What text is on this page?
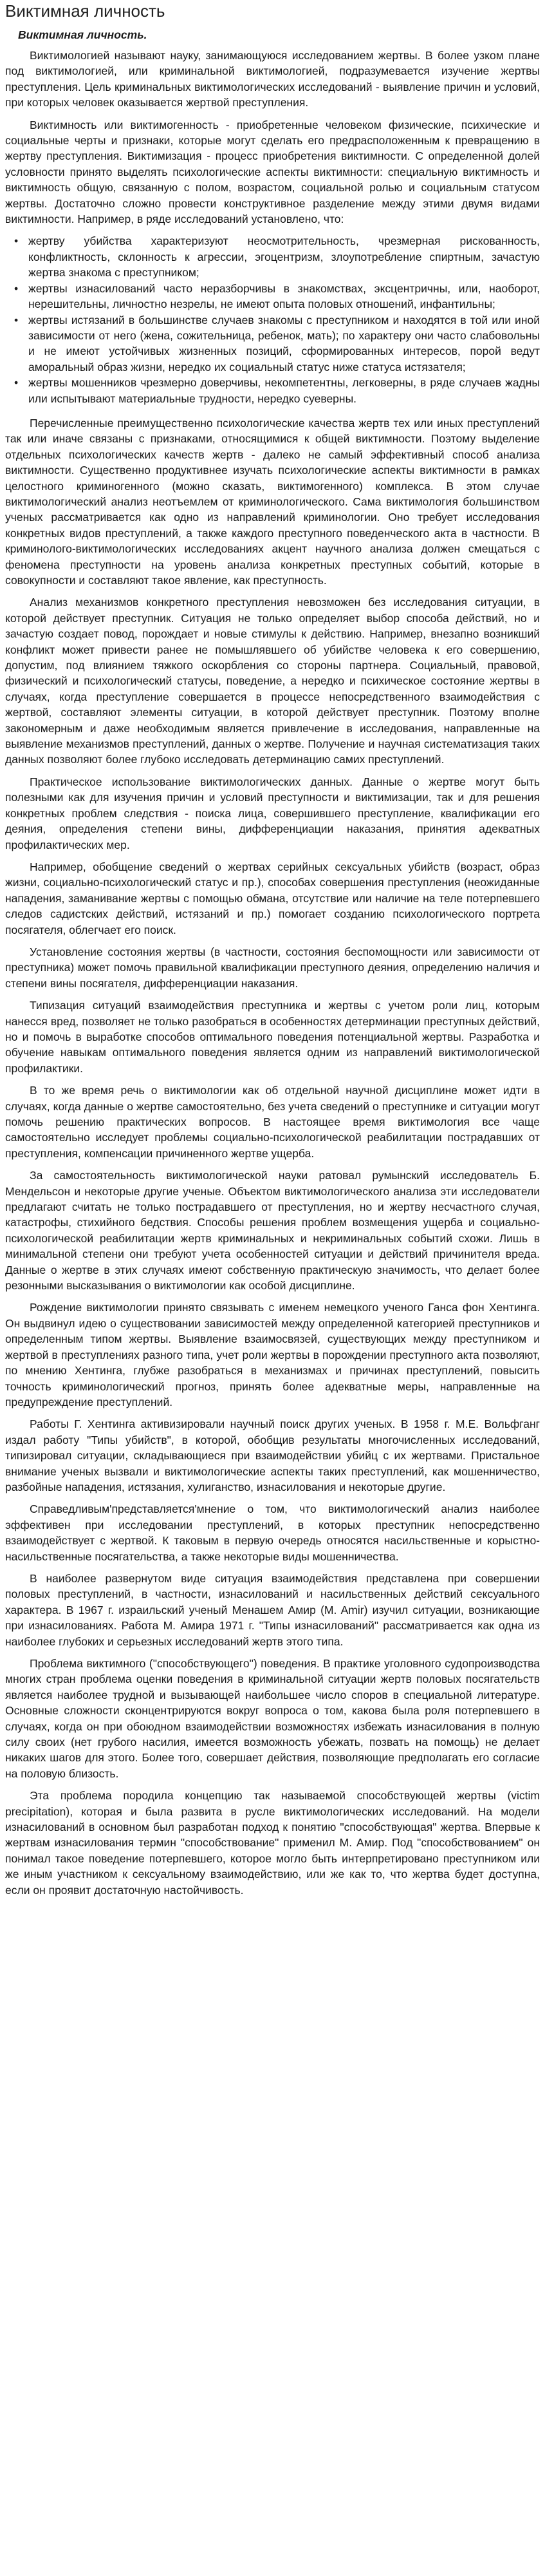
Виктимная личность
Виктимная личность.

Виктимологией называют науку, занимающуюся исследованием жертвы. В более узком плане под виктимологией, или криминальной виктимологией, подразумевается изучение жертвы преступления. Цель криминальных виктимологических исследований - выявление причин и условий, при которых человек оказывается жертвой преступления.

Виктимность или виктимогенность - приобретенные человеком физические, психические и социальные черты и признаки, которые могут сделать его предрасположенным к превращению в жертву преступления. Виктимизация - процесс приобретения виктимности. С определенной долей условности принято выделять психологические аспекты виктимности: специальную виктимность и виктимность общую, связанную с полом, возрастом, социальной ролью и социальным статусом жертвы. Достаточно сложно провести конструктивное разделение между этими двумя видами виктимности. Например, в ряде исследований установлено, что:

• жертву убийства характеризуют неосмотрительность, чрезмерная рискованность, конфликтность, склонность к агрессии, эгоцентризм, злоупотребление спиртным, зачастую жертва знакома с преступником;
• жертвы изнасилований часто неразборчивы в знакомствах, эксцентричны, или, наоборот, нерешительны, личностно незрелы, не имеют опыта половых отношений, инфантильны;
• жертвы истязаний в большинстве случаев знакомы с преступником и находятся в той или иной зависимости от него (жена, сожительница, ребенок, мать); по характеру они часто слабовольны и не имеют устойчивых жизненных позиций, сформированных интересов, порой ведут аморальный образ жизни, нередко их социальный статус ниже статуса истязателя;
• жертвы мошенников чрезмерно доверчивы, некомпетентны, легковерны, в ряде случаев жадны или испытывают материальные трудности, нередко суеверны.

Перечисленные преимущественно психологические качества жертв тех или иных преступлений так или иначе связаны с признаками, относящимися к общей виктимности. Поэтому выделение отдельных психологических качеств жертв - далеко не самый эффективный способ анализа виктимности. Существенно продуктивнее изучать психологические аспекты виктимности в рамках целостного криминогенного (можно сказать, виктимогенного) комплекса. В этом случае виктимологический анализ неотъемлем от криминологического. Сама виктимология большинством ученых рассматривается как одно из направлений криминологии. Оно требует исследования конкретных видов преступлений, а также каждого преступного поведенческого акта в частности. В криминолого-виктимологических исследованиях акцент научного анализа должен смещаться с феномена преступности на уровень анализа конкретных преступных событий, которые в совокупности и составляют такое явление, как преступность.

Анализ механизмов конкретного преступления невозможен без исследования ситуации, в которой действует преступник. Ситуация не только определяет выбор способа действий, но и зачастую создает повод, порождает и новые стимулы к действию. Например, внезапно возникший конфликт может привести ранее не помышлявшего об убийстве человека к его совершению, допустим, под влиянием тяжкого оскорбления со стороны партнера. Социальный, правовой, физический и психологический статусы, поведение, а нередко и психическое состояние жертвы в случаях, когда преступление совершается в процессе непосредственного взаимодействия с жертвой, составляют элементы ситуации, в которой действует преступник. Поэтому вполне закономерным и даже необходимым является привлечение в исследования, направленные на выявление механизмов преступлений, данных о жертве. Получение и научная систематизация таких данных позволяют более глубоко исследовать детерминацию самих преступлений.

Практическое использование виктимологических данных. Данные о жертве могут быть полезными как для изучения причин и условий преступности и виктимизации, так и для решения конкретных проблем следствия - поиска лица, совершившего преступление, квалификации его деяния, определения степени вины, дифференциации наказания, принятия адекватных профилактических мер.

Например, обобщение сведений о жертвах серийных сексуальных убийств (возраст, образ жизни, социально-психологический статус и пр.), способах совершения преступления (неожиданные нападения, заманивание жертвы с помощью обмана, отсутствие или наличие на теле потерпевшего следов садистских действий, истязаний и пр.) помогает созданию психологического портрета посягателя, облегчает его поиск.

Установление состояния жертвы (в частности, состояния беспомощности или зависимости от преступника) может помочь правильной квалификации преступного деяния, определению наличия и степени вины посягателя, дифференциации наказания.

Типизация ситуаций взаимодействия преступника и жертвы с учетом роли лиц, которым нанесся вред, позволяет не только разобраться в особенностях детерминации преступных действий, но и помочь в выработке способов оптимального поведения потенциальной жертвы. Разработка и обучение навыкам оптимального поведения является одним из направлений виктимологической профилактики.

В то же время речь о виктимологии как об отдельной научной дисциплине может идти в случаях, когда данные о жертве самостоятельно, без учета сведений о преступнике и ситуации могут помочь решению практических вопросов. В настоящее время виктимология все чаще самостоятельно исследует проблемы социально-психологической реабилитации пострадавших от преступления, компенсации причиненного жертве ущерба.

За самостоятельность виктимологической науки ратовал румынский исследователь Б. Мендельсон и некоторые другие ученые. Объектом виктимологического анализа эти исследователи предлагают считать не только пострадавшего от преступления, но и жертву несчастного случая, катастрофы, стихийного бедствия. Способы решения проблем возмещения ущерба и социально-психологической реабилитации жертв криминальных и некриминальных событий схожи. Лишь в минимальной степени они требуют учета особенностей ситуации и действий причинителя вреда. Данные о жертве в этих случаях имеют собственную практическую значимость, что делает более резонными высказывания о виктимологии как особой дисциплине.

Рождение виктимологии принято связывать с именем немецкого ученого Ганса фон Хентинга. Он выдвинул идею о существовании зависимостей между определенной категорией преступников и определенным типом жертвы. Выявление взаимосвязей, существующих между преступником и жертвой в преступлениях разного типа, учет роли жертвы в порождении преступного акта позволяют, по мнению Хентинга, глубже разобраться в механизмах и причинах преступлений, повысить точность криминологический прогноз, принять более адекватные меры, направленные на предупреждение преступлений.

Работы Г. Хентинга активизировали научный поиск других ученых. В 1958 г. М.Е. Вольфганг издал работу "Типы убийств", в которой, обобщив результаты многочисленных исследований, типизировал ситуации, складывающиеся при взаимодействии убийц с их жертвами. Пристальное внимание ученых вызвали и виктимологические аспекты таких преступлений, как мошенничество, разбойные нападения, истязания, хулиганство, изнасилования и некоторые другие.

Справедливым'представляется'мнение о том, что виктимологический анализ наиболее эффективен при исследовании преступлений, в которых преступник непосредственно взаимодействует с жертвой. К таковым в первую очередь относятся насильственные и корыстно-насильственные посягательства, а также некоторые виды мошенничества.

В наиболее развернутом виде ситуация взаимодействия представлена при совершении половых преступлений, в частности, изнасилований и насильственных действий сексуального характера. В 1967 г. израильский ученый Менашем Амир (M. Amir) изучил ситуации, возникающие при изнасилованиях. Работа М. Амира 1971 г. "Типы изнасилований" рассматривается как одна из наиболее глубоких и серьезных исследований жертв этого типа.

Проблема виктимного ("способствующего") поведения. В практике уголовного судопроизводства многих стран проблема оценки поведения в криминальной ситуации жертв половых посягательств является наиболее трудной и вызывающей наибольшее число споров в специальной литературе. Основные сложности сконцентрируются вокруг вопроса о том, какова была роля потерпевшего в случаях, когда он при обоюдном взаимодействии возможностях избежать изнасилования в полную силу своих (нет грубого насилия, имеется возможность убежать, позвать на помощь) не делает никаких шагов для этого. Более того, совершает действия, позволяющие предполагать его согласие на половую близость.

Эта проблема породила концепцию так называемой способствующей жертвы (victim precipitation), которая и была развита в русле виктимологических исследований. На модели изнасилований в основном был разработан подход к понятию "способствующая" жертва. Впервые к жертвам изнасилования термин "способствование" применил М. Амир. Под "способствованием" он понимал такое поведение потерпевшего, которое могло быть интерпретировано преступником или же иным участником к сексуальному взаимодействию, или же как то, что жертва будет доступна, если он проявит достаточную настойчивость.
